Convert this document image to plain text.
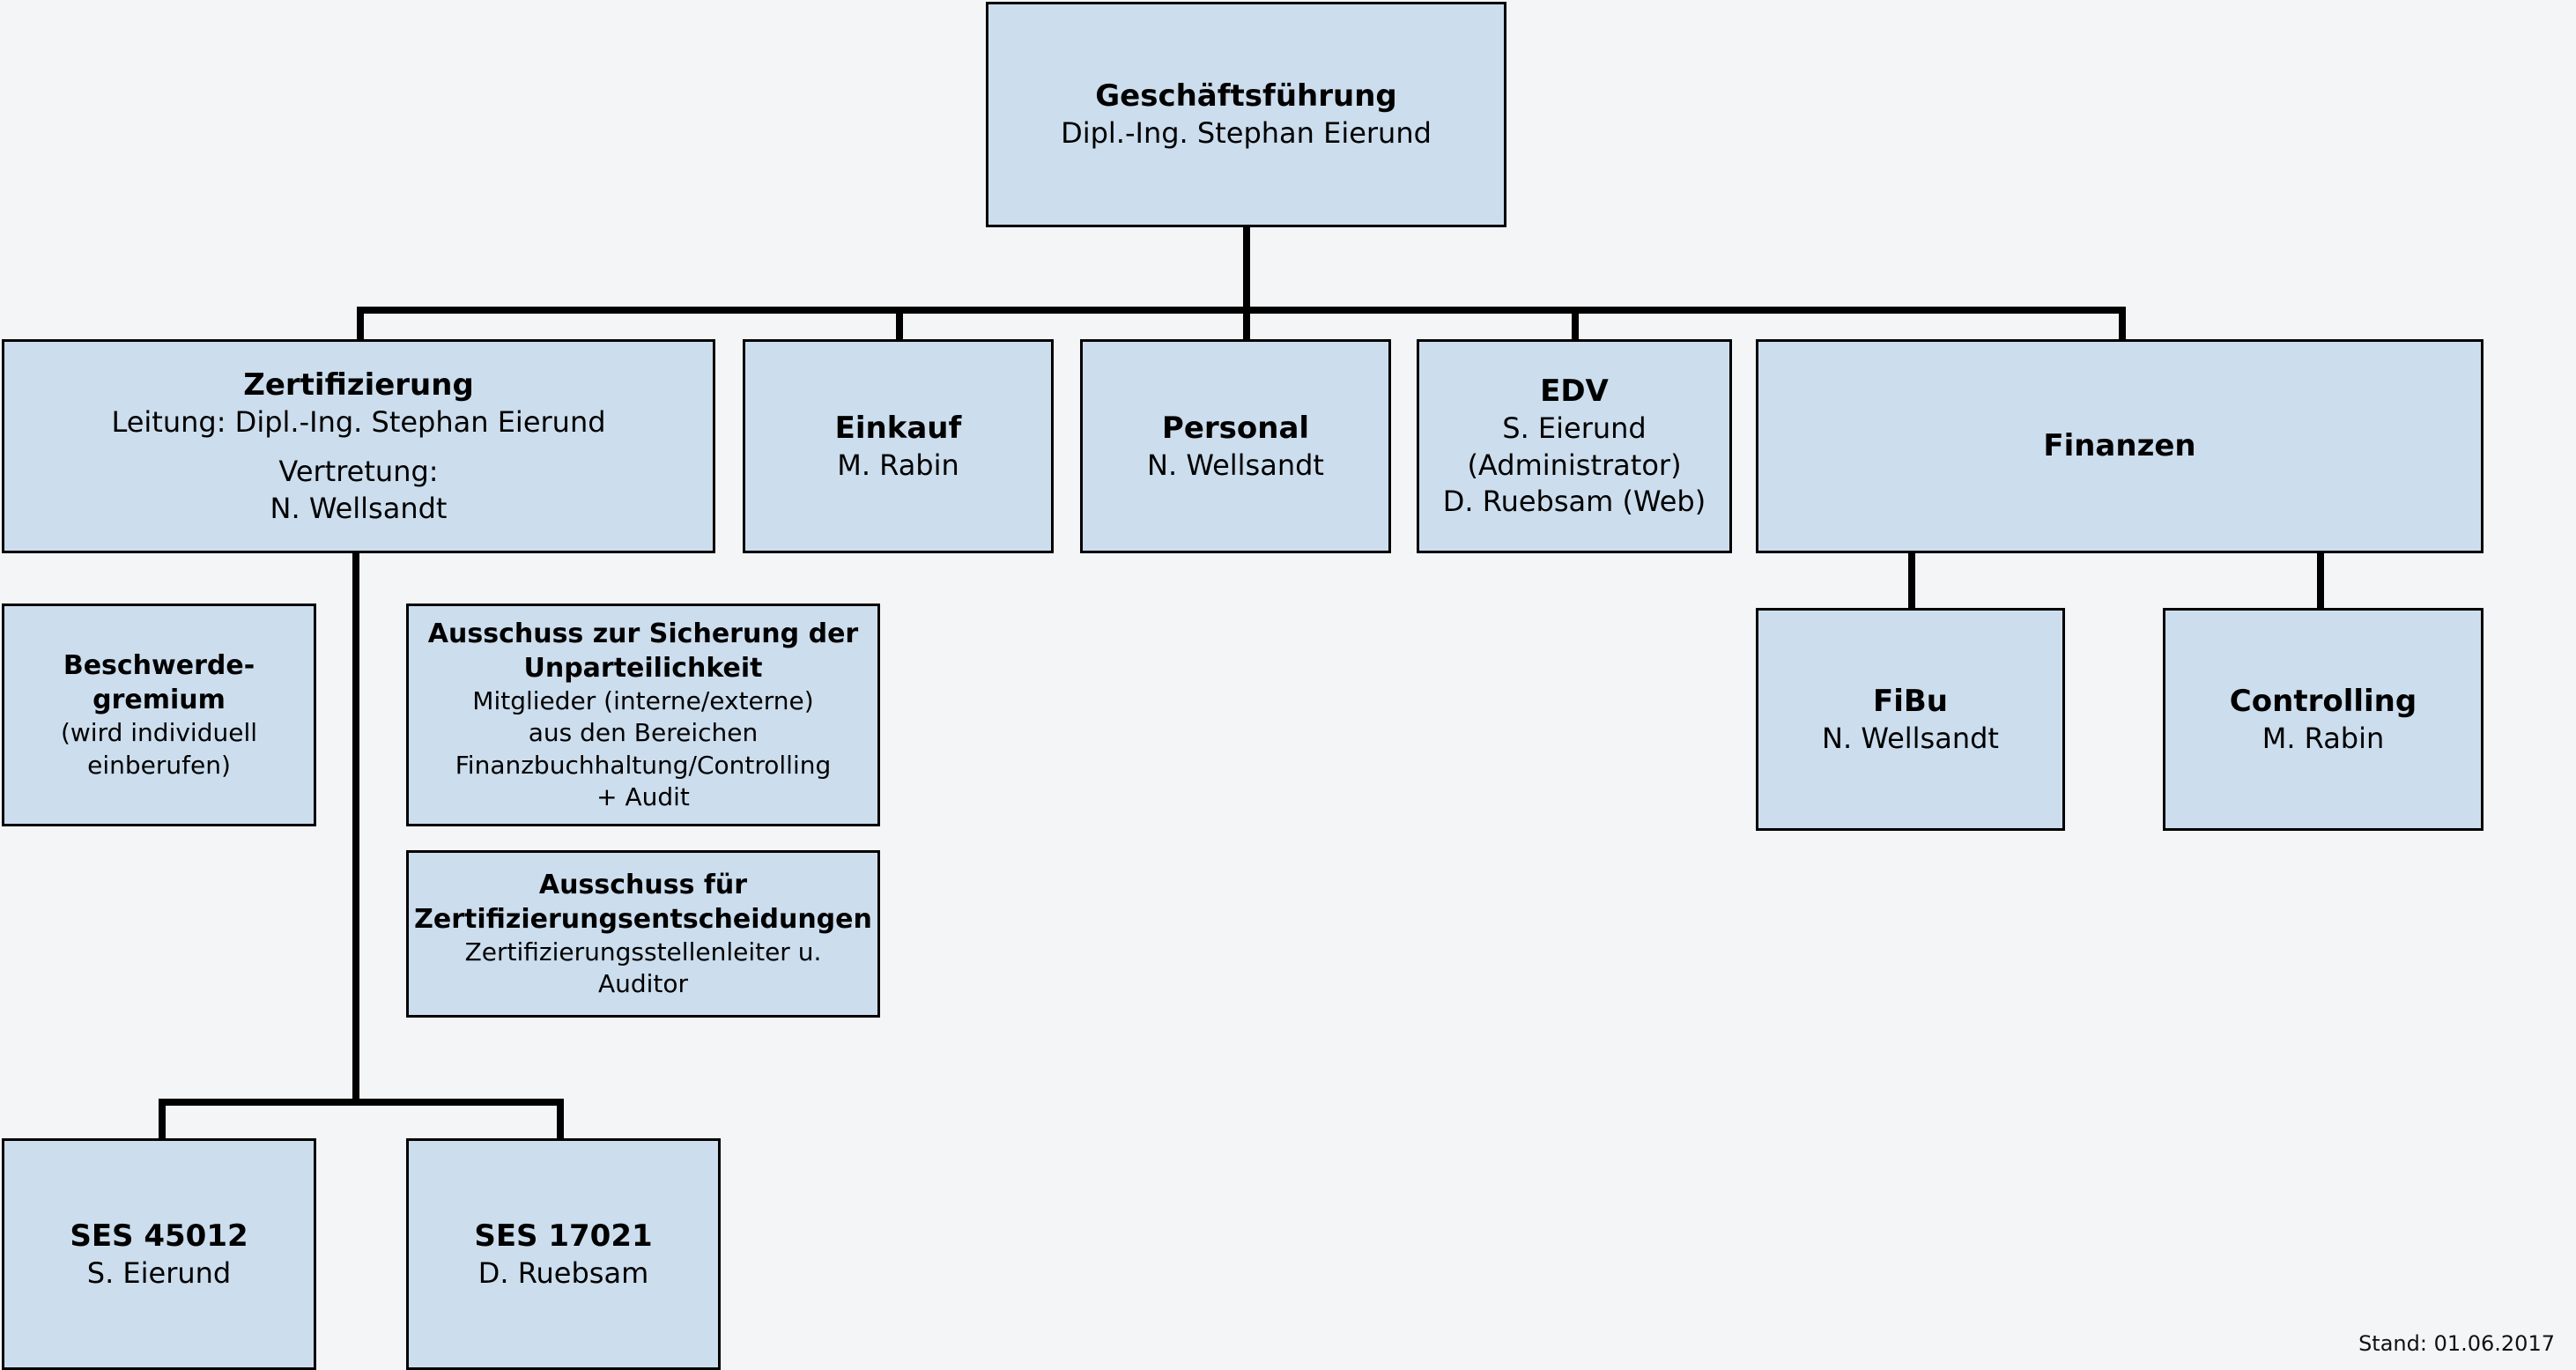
Geschäftsführung
Dipl.-Ing. Stephan Eierund
Zertifizierung
Leitung: Dipl.-Ing. Stephan Eierund
Vertretung:
N. Wellsandt
Einkauf
M. Rabin
Personal
N. Wellsandt
EDV
S. Eierund
(Administrator)
D. Ruebsam (Web)
Finanzen
FiBu
N. Wellsandt
Controlling
M. Rabin
Beschwerde-
gremium
(wird individuell
einberufen)
Ausschuss zur Sicherung der
Unparteilichkeit
Mitglieder (interne/externe)
aus den Bereichen
Finanzbuchhaltung/Controlling
+ Audit
Ausschuss für
Zertifizierungsentscheidungen
Zertifizierungsstellenleiter u.
Auditor
SES 45012
S. Eierund
SES 17021
D. Ruebsam
Stand: 01.06.2017
